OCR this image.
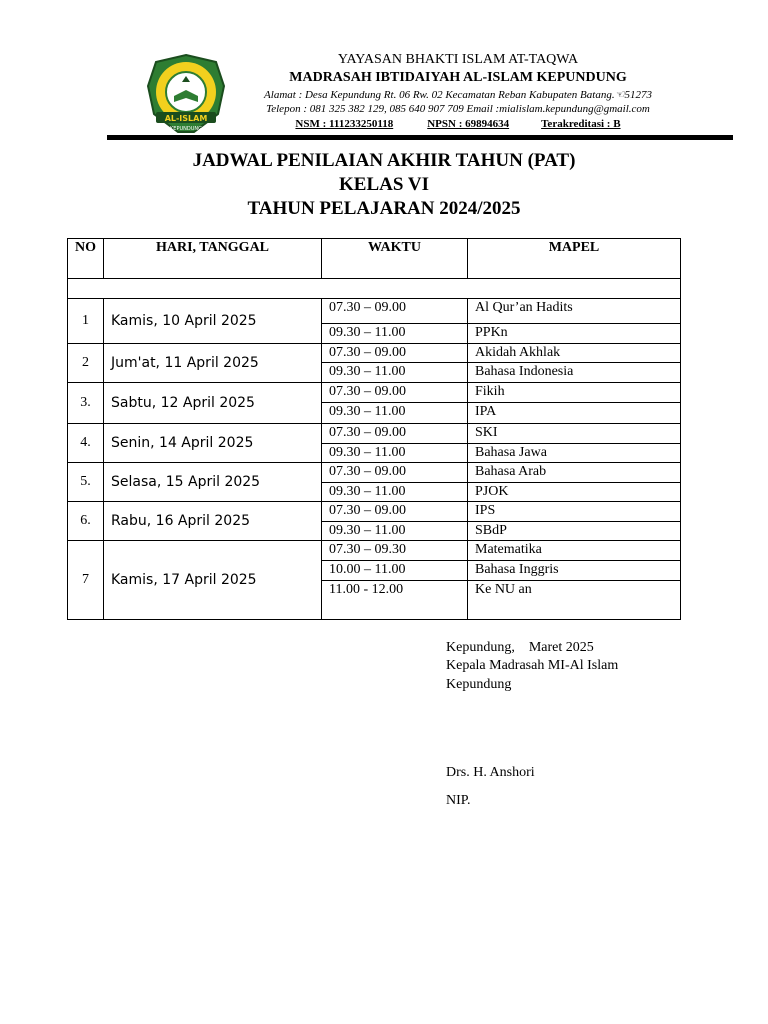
AL-ISLAM
KEPUNDUNG
YAYASAN BHAKTI ISLAM AT-TAQWA
MADRASAH IBTIDAIYAH AL-ISLAM KEPUNDUNG
Alamat : Desa Kepundung Rt. 06 Rw. 02 Kecamatan Reban Kabupaten Batang.☜51273
Telepon : 081 325 382 129, 085 640 907 709 Email :mialislam.kepundung@gmail.com
NSM : 111233250118	NPSN : 69894634	Terakreditasi : B
JADWAL PENILAIAN AKHIR TAHUN (PAT)
KELAS VI
TAHUN PELAJARAN 2024/2025
NO	HARI, TANGGAL	WAKTU	MAPEL

1	Kamis, 10 April 2025	07.30 – 09.00	Al Qur’an Hadits
		09.30 – 11.00	PPKn
2	Jum'at, 11 April 2025	07.30 – 09.00	Akidah Akhlak
		09.30 – 11.00	Bahasa Indonesia
3.	Sabtu, 12 April 2025	07.30 – 09.00	Fikih
		09.30 – 11.00	IPA
4.	Senin, 14 April 2025	07.30 – 09.00	SKI
		09.30 – 11.00	Bahasa Jawa
5.	Selasa, 15 April 2025	07.30 – 09.00	Bahasa Arab
		09.30 – 11.00	PJOK
6.	Rabu, 16 April 2025	07.30 – 09.00	IPS
		09.30 – 11.00	SBdP
7	Kamis, 17 April 2025	07.30 – 09.30	Matematika
		10.00 – 11.00	Bahasa Inggris
		11.00 - 12.00	Ke NU an
Kepundung, Maret 2025
Kepala Madrasah MI-Al Islam
Kepundung
Drs. H. Anshori
NIP.
